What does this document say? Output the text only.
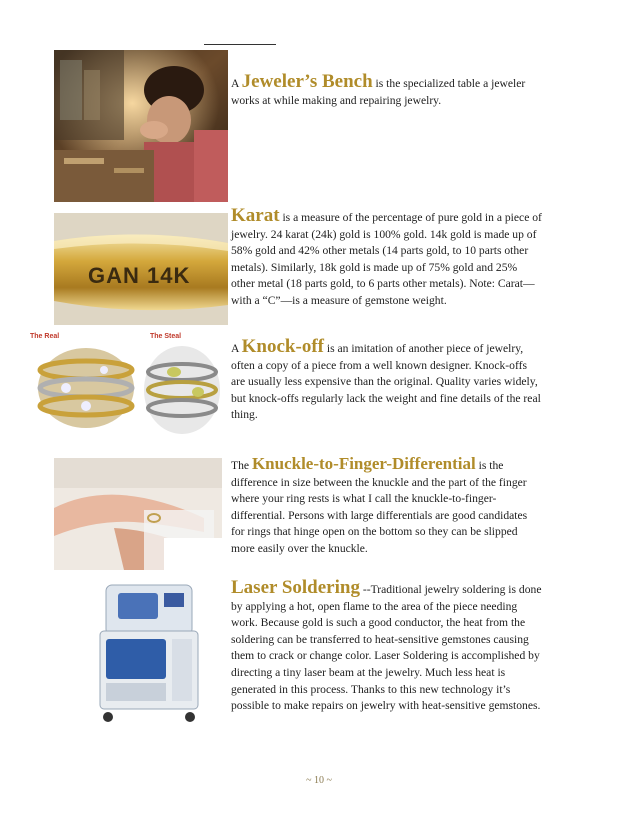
A Jeweler’s Bench is the specialized table a jeweler works at while making and repairing jewelry.
GAN 14K
Karat is a measure of the percentage of pure gold in a piece of jewelry. 24 karat (24k) gold is 100% gold. 14k gold is made up of 58% gold and 42% other metals (14 parts gold, to 10 parts other metals). Similarly, 18k gold is made up of 75% gold and 25% other metal (18 parts gold, to 6 parts other metals). Note: Carat—with a “C”—is a measure of gemstone weight.
The Real	The Steal
A Knock-off is an imitation of another piece of jewelry, often a copy of a piece from a well known designer. Knock-offs are usually less expensive than the original. Quality varies widely, but knock-offs regularly lack the weight and fine details of the real thing.
The Knuckle-to-Finger-Differential is the difference in size between the knuckle and the part of the finger where your ring rests is what I call the knuckle-to-finger-differential. Persons with large differentials are good candidates for rings that hinge open on the bottom so they can be slipped more easily over the knuckle.
Laser Soldering --Traditional jewelry soldering is done by applying a hot, open flame to the area of the piece needing work. Because gold is such a good conductor, the heat from the soldering can be transferred to heat-sensitive gemstones causing them to crack or change color. Laser Soldering is accomplished by directing a tiny laser beam at the jewelry. Much less heat is generated in this process. Thanks to this new technology it’s possible to make repairs on jewelry with heat-sensitive gemstones.
~ 10 ~
